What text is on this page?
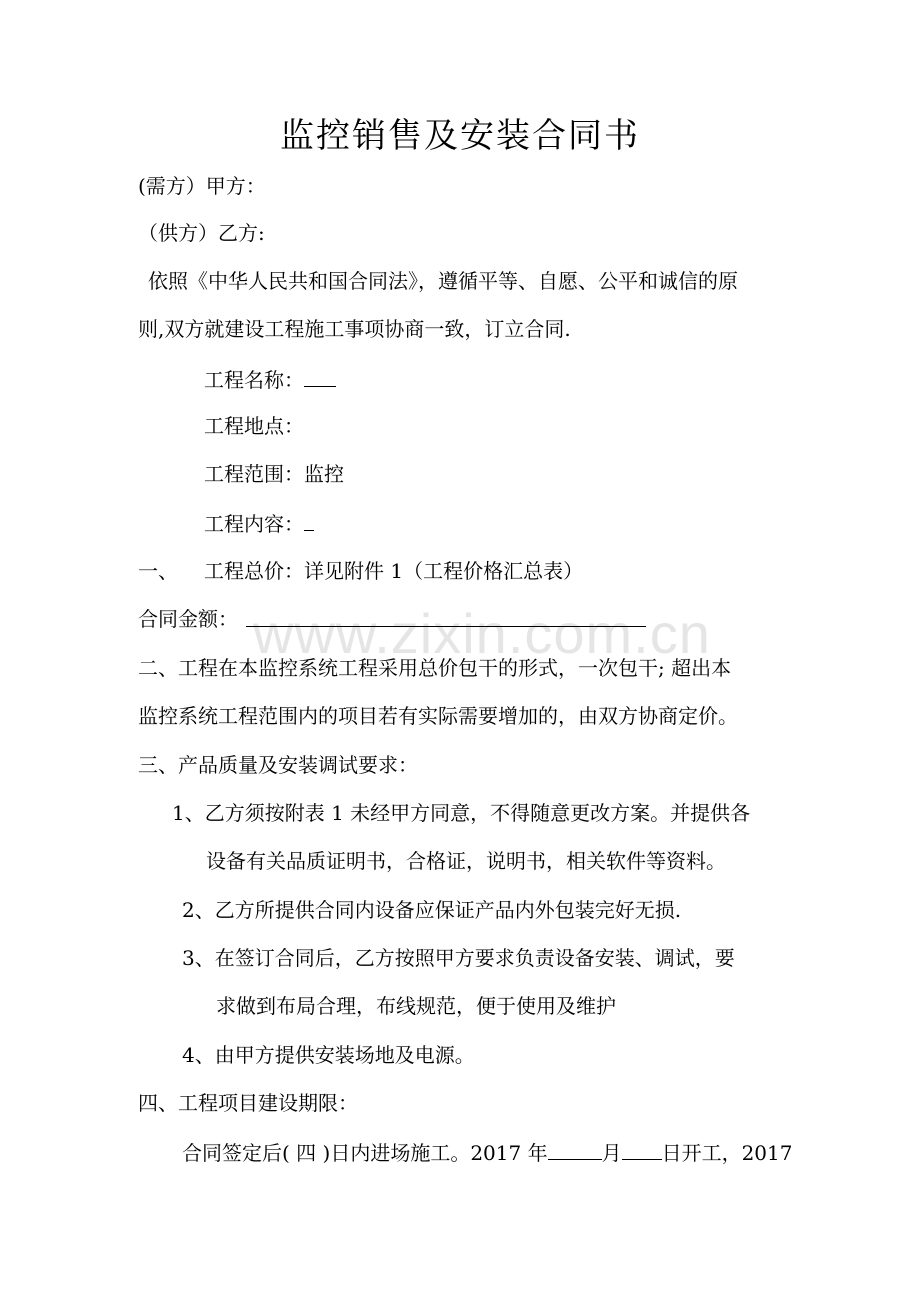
www.zixin.com.cn
监控销售及安装合同书
(需方）甲方：
（供方）乙方:
依照《中华人民共和国合同法》，遵循平等、自愿、公平和诚信的原
则,双方就建设工程施工事项协商一致，订立合同.
工程名称：
工程地点：
工程范围：监控
工程内容：
一、 工程总价：详见附件 1（工程价格汇总表）
合同金额：
二、工程在本监控系统工程采用总价包干的形式，一次包干; 超出本
监控系统工程范围内的项目若有实际需要增加的，由双方协商定价。
三、产品质量及安装调试要求：
1、乙方须按附表 1 未经甲方同意，不得随意更改方案。并提供各
设备有关品质证明书，合格证，说明书，相关软件等资料。
2、乙方所提供合同内设备应保证产品内外包装完好无损.
3、在签订合同后，乙方按照甲方要求负责设备安装、调试，要
求做到布局合理，布线规范，便于使用及维护
4、由甲方提供安装场地及电源。
四、工程项目建设期限：
合同签定后( 四 )日内进场施工。2017 年	月 日开工，2017
